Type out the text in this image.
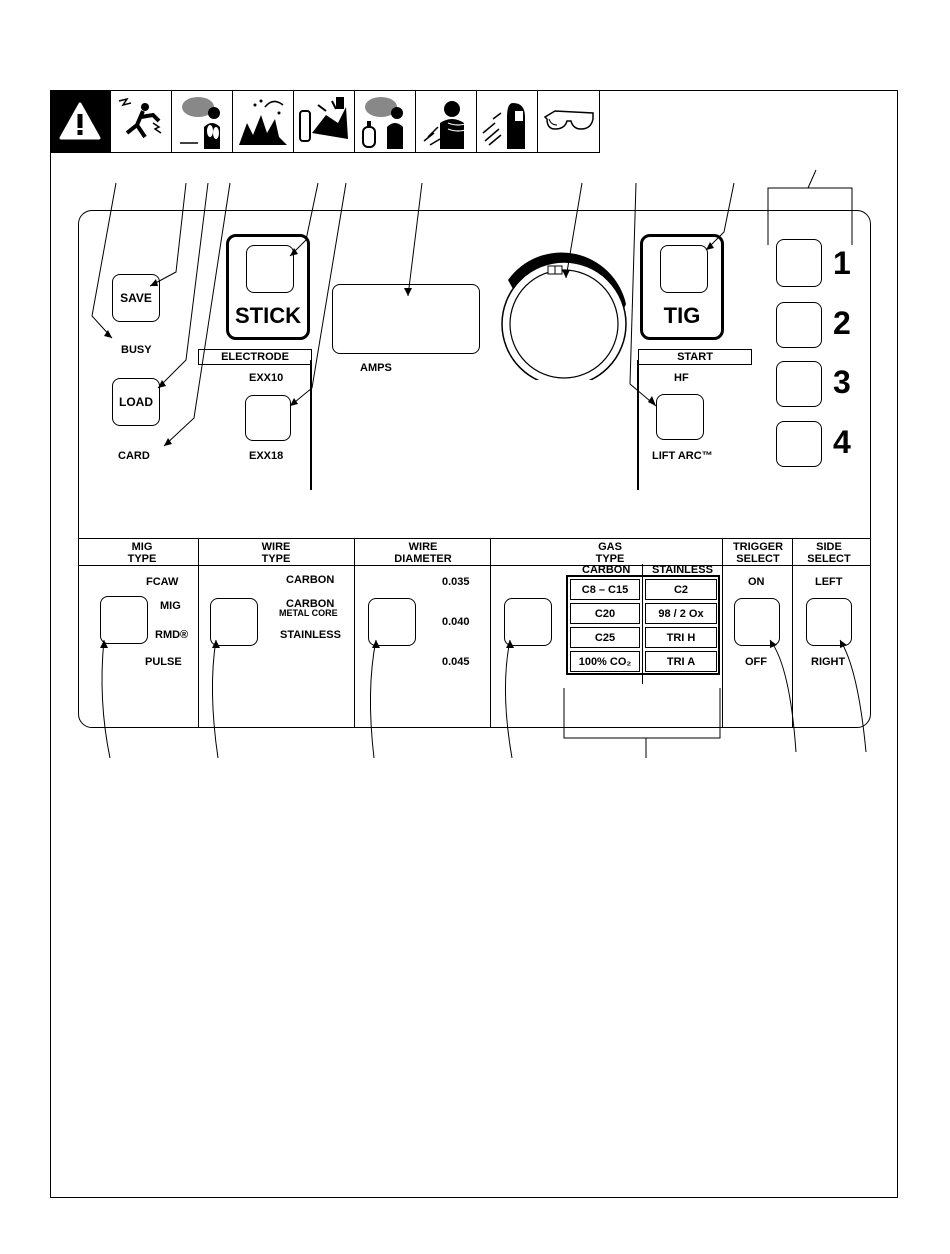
SAVE
BUSY
LOAD
CARD
STICK
ELECTRODE
EXX10
EXX18
AMPS
TIG
START
HF
LIFT ARC™
1
2
3
4
MIG
TYPE
WIRE
TYPE
WIRE
DIAMETER
GAS
TYPE
TRIGGER
SELECT
SIDE
SELECT
FCAW
MIG
RMD®
PULSE
CARBON
CARBON
METAL CORE
STAINLESS
0.035
0.040
0.045
CARBON STAINLESS
C8 – C15
C20
C25
100% CO₂
C2
98 / 2 Ox
TRI H
TRI A
ON
OFF
LEFT
RIGHT
